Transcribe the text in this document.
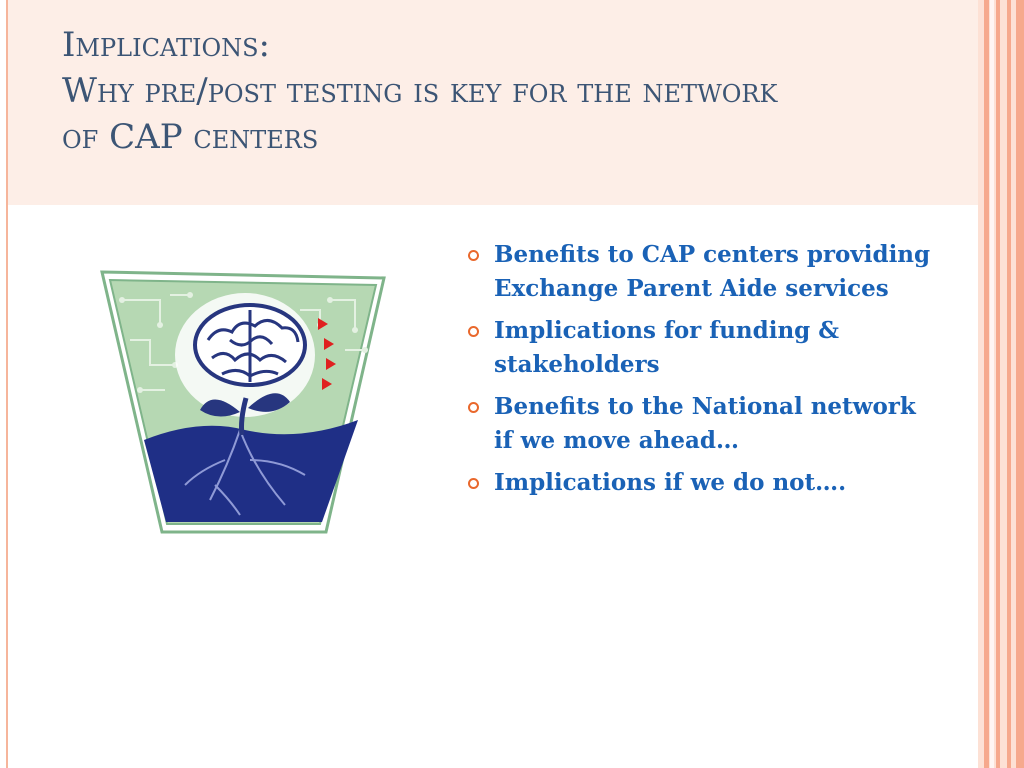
Implications:
Why pre/post testing is key for the network
of CAP centers
Benefits to CAP centers providing Exchange Parent Aide services
Implications for funding & stakeholders
Benefits to the National network if we move ahead…
Implications if we do not….
